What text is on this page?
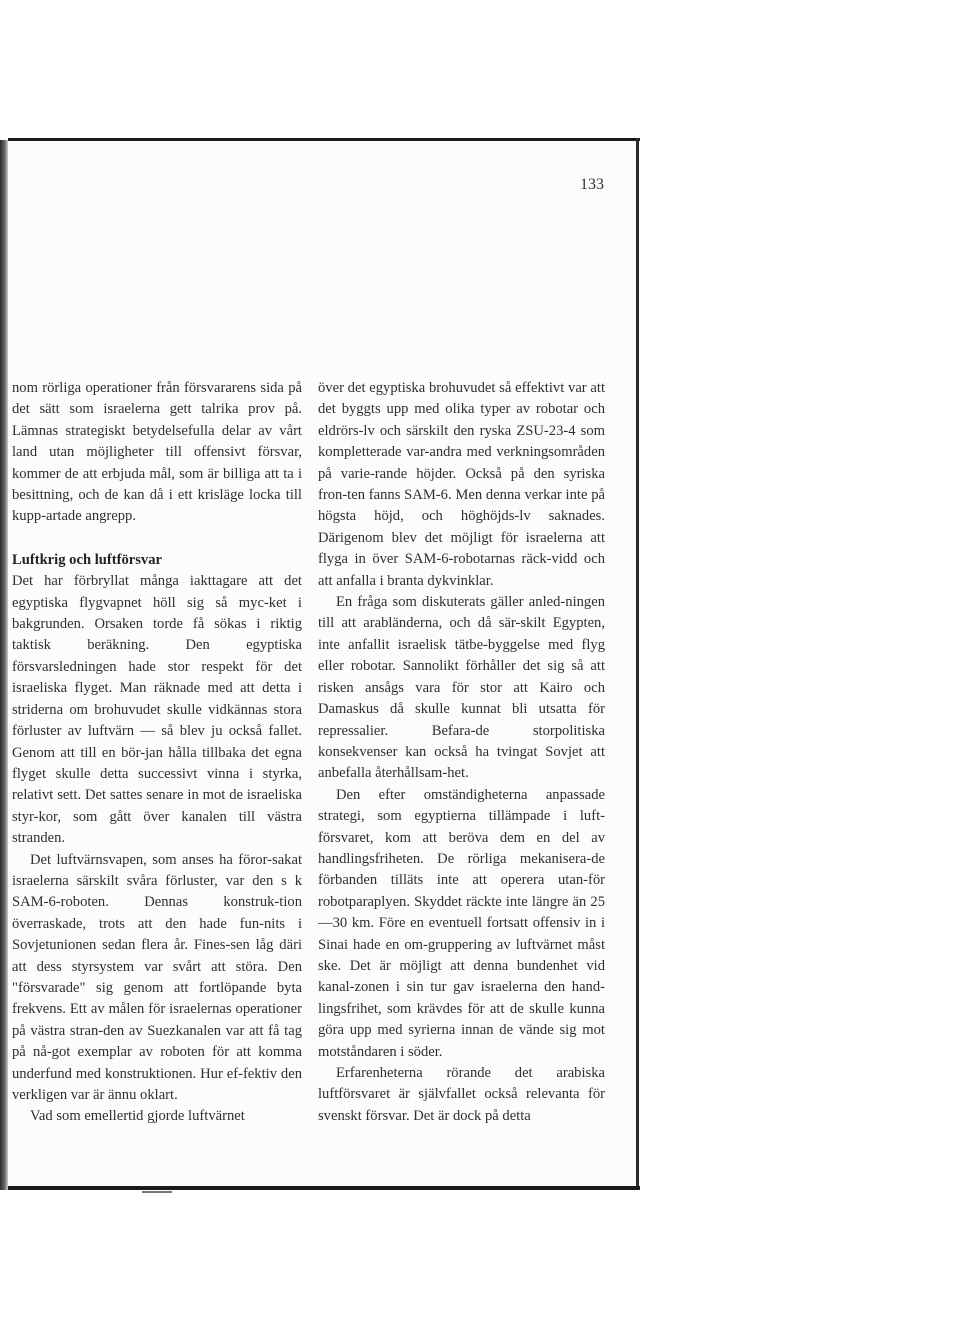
133

nom rörliga operationer från försvararens sida på det sätt som israelerna gett talrika prov på. Lämnas strategiskt betydelsefulla delar av vårt land utan möjligheter till offensivt försvar, kommer de att erbjuda mål, som är billiga att ta i besittning, och de kan då i ett krisläge locka till kupp-artade angrepp.

Luftkrig och luftförsvar

Det har förbryllat många iakttagare att det egyptiska flygvapnet höll sig så myc-ket i bakgrunden. Orsaken torde få sökas i riktig taktisk beräkning. Den egyptiska försvarsledningen hade stor respekt för det israeliska flyget. Man räknade med att detta i striderna om brohuvudet skulle vidkännas stora förluster av luftvärn — så blev ju också fallet. Genom att till en bör-jan hålla tillbaka det egna flyget skulle detta successivt vinna i styrka, relativt sett. Det sattes senare in mot de israeliska styr-kor, som gått över kanalen till västra stranden.

Det luftvärnsvapen, som anses ha föror-sakat israelerna särskilt svåra förluster, var den s k SAM-6-roboten. Dennas konstruk-tion överraskade, trots att den hade fun-nits i Sovjetunionen sedan flera år. Fines-sen låg däri att dess styrsystem var svårt att störa. Den "försvarade" sig genom att fortlöpande byta frekvens. Ett av målen för israelernas operationer på västra stran-den av Suezkanalen var att få tag på nå-got exemplar av roboten för att komma underfund med konstruktionen. Hur ef-fektiv den verkligen var är ännu oklart.

Vad som emellertid gjorde luftvärnet

över det egyptiska brohuvudet så effektivt var att det byggts upp med olika typer av robotar och eldrörs-lv och särskilt den ryska ZSU-23-4 som kompletterade var-andra med verkningsområden på varie-rande höjder. Också på den syriska fron-ten fanns SAM-6. Men denna verkar inte på högsta höjd, och höghöjds-lv saknades. Därigenom blev det möjligt för israelerna att flyga in över SAM-6-robotarnas räck-vidd och att anfalla i branta dykvinklar.

En fråga som diskuterats gäller anled-ningen till att arabländerna, och då sär-skilt Egypten, inte anfallit israelisk tätbe-byggelse med flyg eller robotar. Sannolikt förhåller det sig så att risken ansågs vara för stor att Kairo och Damaskus då skulle kunnat bli utsatta för repressalier. Befara-de storpolitiska konsekvenser kan också ha tvingat Sovjet att anbefalla återhållsam-het.

Den efter omständigheterna anpassade strategi, som egyptierna tillämpade i luft-försvaret, kom att beröva dem en del av handlingsfriheten. De rörliga mekanisera-de förbanden tilläts inte att operera utan-för robotparaplyen. Skyddet räckte inte längre än 25—30 km. Före en eventuell fortsatt offensiv in i Sinai hade en om-gruppering av luftvärnet måst ske. Det är möjligt att denna bundenhet vid kanal-zonen i sin tur gav israelerna den hand-lingsfrihet, som krävdes för att de skulle kunna göra upp med syrierna innan de vände sig mot motståndaren i söder.

Erfarenheterna rörande det arabiska luftförsvaret är självfallet också relevanta för svenskt försvar. Det är dock på detta
